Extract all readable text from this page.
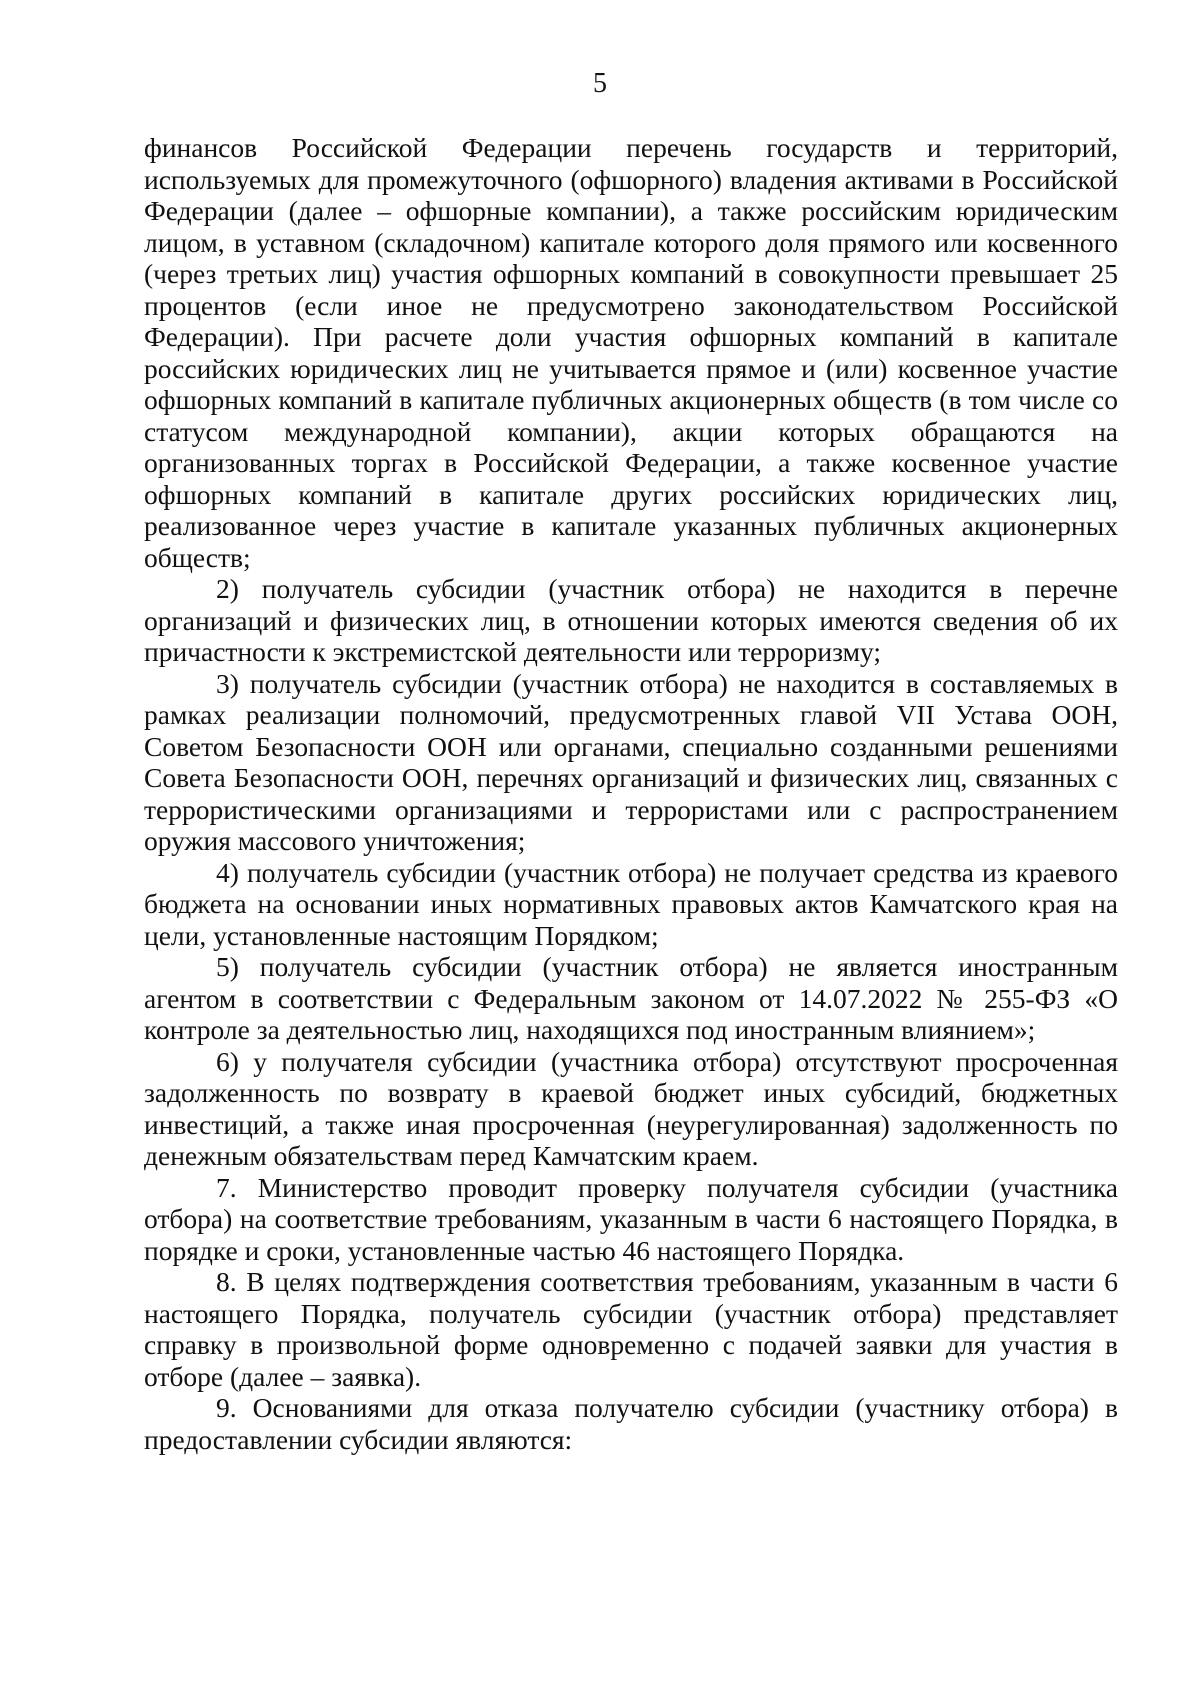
5

финансов Российской Федерации перечень государств и территорий, используемых для промежуточного (офшорного) владения активами в Российской Федерации (далее – офшорные компании), а также российским юридическим лицом, в уставном (складочном) капитале которого доля прямого или косвенного (через третьих лиц) участия офшорных компаний в совокупности превышает 25 процентов (если иное не предусмотрено законодательством Российской Федерации). При расчете доли участия офшорных компаний в капитале российских юридических лиц не учитывается прямое и (или) косвенное участие офшорных компаний в капитале публичных акционерных обществ (в том числе со статусом международной компании), акции которых обращаются на организованных торгах в Российской Федерации, а также косвенное участие офшорных компаний в капитале других российских юридических лиц, реализованное через участие в капитале указанных публичных акционерных обществ;

2) получатель субсидии (участник отбора) не находится в перечне организаций и физических лиц, в отношении которых имеются сведения об их причастности к экстремистской деятельности или терроризму;

3) получатель субсидии (участник отбора) не находится в составляемых в рамках реализации полномочий, предусмотренных главой VII Устава ООН, Советом Безопасности ООН или органами, специально созданными решениями Совета Безопасности ООН, перечнях организаций и физических лиц, связанных с террористическими организациями и террористами или с распространением оружия массового уничтожения;

4) получатель субсидии (участник отбора) не получает средства из краевого бюджета на основании иных нормативных правовых актов Камчатского края на цели, установленные настоящим Порядком;

5) получатель субсидии (участник отбора) не является иностранным агентом в соответствии с Федеральным законом от 14.07.2022 № 255-ФЗ «О контроле за деятельностью лиц, находящихся под иностранным влиянием»;

6) у получателя субсидии (участника отбора) отсутствуют просроченная задолженность по возврату в краевой бюджет иных субсидий, бюджетных инвестиций, а также иная просроченная (неурегулированная) задолженность по денежным обязательствам перед Камчатским краем.

7. Министерство проводит проверку получателя субсидии (участника отбора) на соответствие требованиям, указанным в части 6 настоящего Порядка, в порядке и сроки, установленные частью 46 настоящего Порядка.

8. В целях подтверждения соответствия требованиям, указанным в части 6 настоящего Порядка, получатель субсидии (участник отбора) представляет справку в произвольной форме одновременно с подачей заявки для участия в отборе (далее – заявка).

9. Основаниями для отказа получателю субсидии (участнику отбора) в предоставлении субсидии являются:
